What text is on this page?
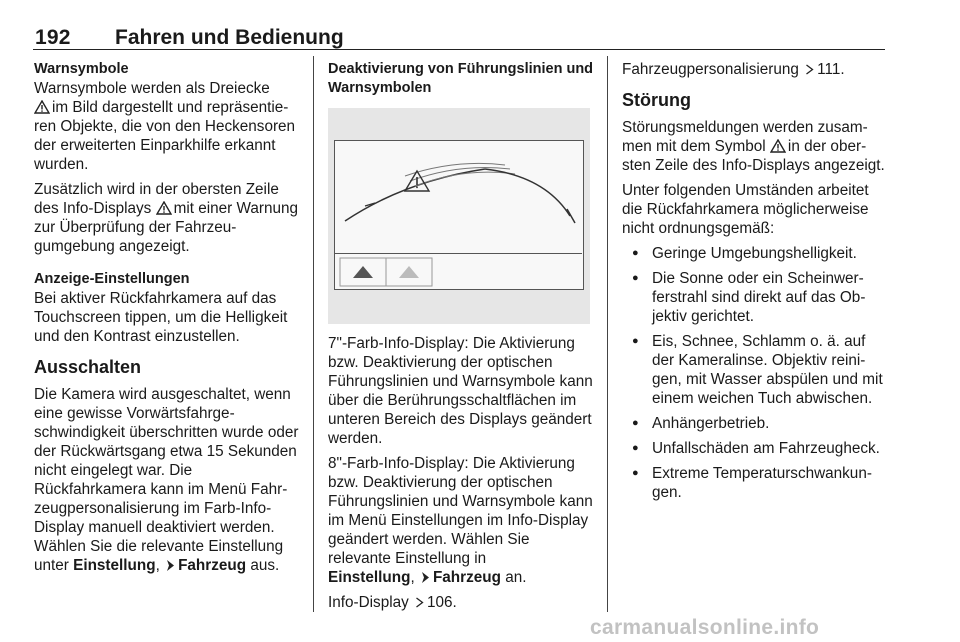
192 Fahren und Bedienung
Warnsymbole
Warnsymbole werden als Dreiecke
im Bild dargestellt und repräsentieren Objekte, die von den Heckensоren der erweiterten Einparkhilfe erkannt wurden.
Zusätzlich wird in der obersten Zeile des Info-Displays mit einer Warnung zur Überprüfung der Fahrzeugumgebung angezeigt.
Anzeige-Einstellungen
Bei aktiver Rückfahrkamera auf das Touchscreen tippen, um die Helligkeit und den Kontrast einzustellen.
Ausschalten
Die Kamera wird ausgeschaltet, wenn eine gewisse Vorwärtsfahrgeschwindigkeit überschritten wurde oder der Rückwärtsgang etwa 15 Sekunden nicht eingelegt war. Die Rückfahrkamera kann im Menü Fahrzeugpersonalisierung im Farb-Info-Display manuell deaktiviert werden. Wählen Sie die relevante Einstellung unter Einstellung, Fahrzeug aus.
Deaktivierung von Führungslinien und Warnsymbolen
7"-Farb-Info-Display: Die Aktivierung bzw. Deaktivierung der optischen Führungslinien und Warnsymbole kann über die Berührungsschaltflächen im unteren Bereich des Displays geändert werden.
8"-Farb-Info-Display: Die Aktivierung bzw. Deaktivierung der optischen Führungslinien und Warnsymbole kann im Menü Einstellungen im Info-Display geändert werden. Wählen Sie relevante Einstellung in
Einstellung, Fahrzeug an.
Info-Display 106.
Fahrzeugpersonalisierung 111.
Störung
Störungsmeldungen werden zusammen mit dem Symbol in der obersten Zeile des Info-Displays angezeigt.
Unter folgenden Umständen arbeitet die Rückfahrkamera möglicherweise nicht ordnungsgemäß:
● Geringe Umgebungshelligkeit.
● Die Sonne oder ein Scheinwerferstrahl sind direkt auf das Objektiv gerichtet.
● Eis, Schnee, Schlamm o. ä. auf der Kameralinse. Objektiv reinigen, mit Wasser abspülen und mit einem weichen Tuch abwischen.
● Anhängerbetrieb.
● Unfallschäden am Fahrzeugheck.
● Extreme Temperaturschwankungen.
carmanualsonline.info
